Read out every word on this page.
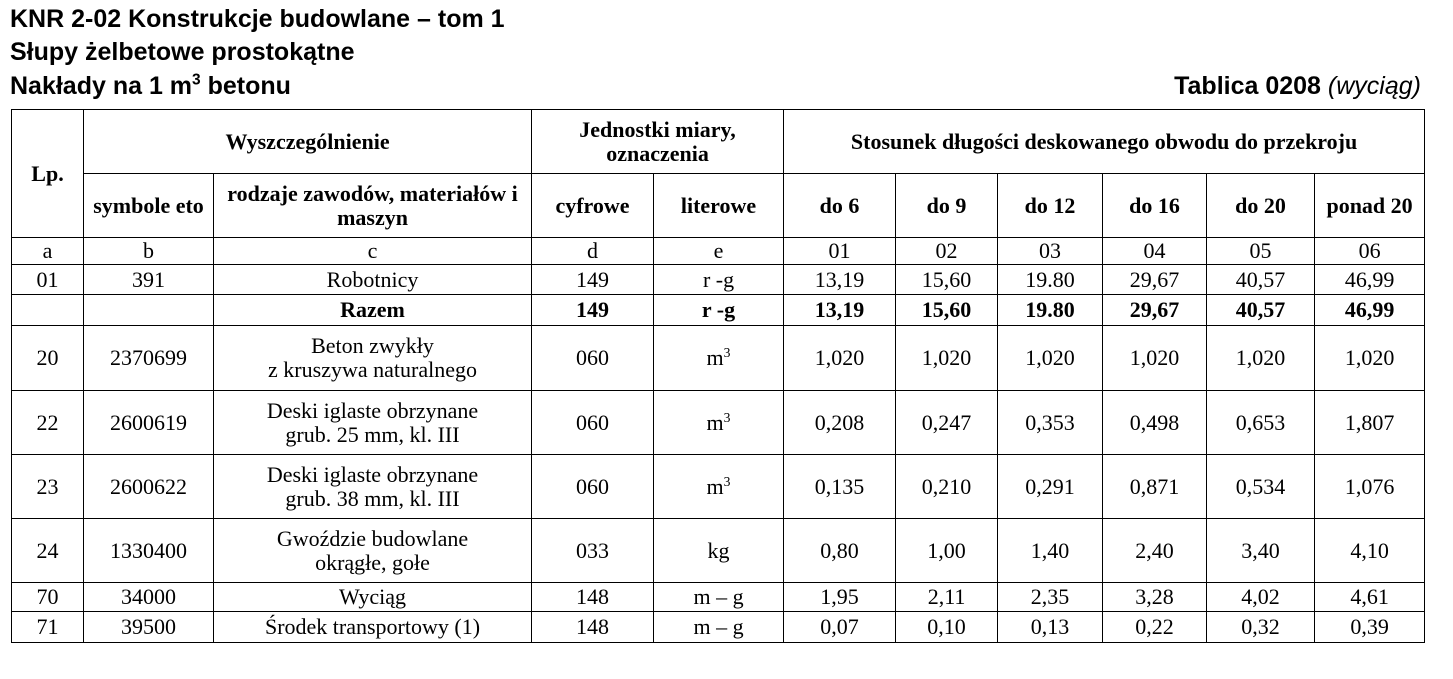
KNR 2-02 Konstrukcje budowlane – tom 1
Słupy żelbetowe prostokątne
Nakłady na 1 $m^3$ betonu	Tablica 0208 (wyciąg)
Lp.	Wyszczególnienie		Jednostki miary, oznaczenia		Stosunek długości deskowanego obwodu do przekroju					
	symbole eto	rodzaje zawodów, materiałów i maszyn	cyfrowe	literowe	do 6	do 9	do 12	do 16	do 20	ponad 20
a	b	c	d	e	01	02	03	04	05	06
01	391	Robotnicy	149	r -g	13,19	15,60	19.80	29,67	40,57	46,99
		Razem	149	r -g	13,19	15,60	19.80	29,67	40,57	46,99
20	2370699	Beton zwykły
z kruszywa naturalnego	060	$m^3$	1,020	1,020	1,020	1,020	1,020	1,020
22	2600619	Deski iglaste obrzynane
grub. 25 mm, kl. III	060	$m^3$	0,208	0,247	0,353	0,498	0,653	1,807
23	2600622	Deski iglaste obrzynane
grub. 38 mm, kl. III	060	$m^3$	0,135	0,210	0,291	0,871	0,534	1,076
24	1330400	Gwoździe budowlane
okrągłe, gołe	033	kg	0,80	1,00	1,40	2,40	3,40	4,10
70	34000	Wyciąg	148	m – g	1,95	2,11	2,35	3,28	4,02	4,61
71	39500	Środek transportowy (1)	148	m – g	0,07	0,10	0,13	0,22	0,32	0,39
